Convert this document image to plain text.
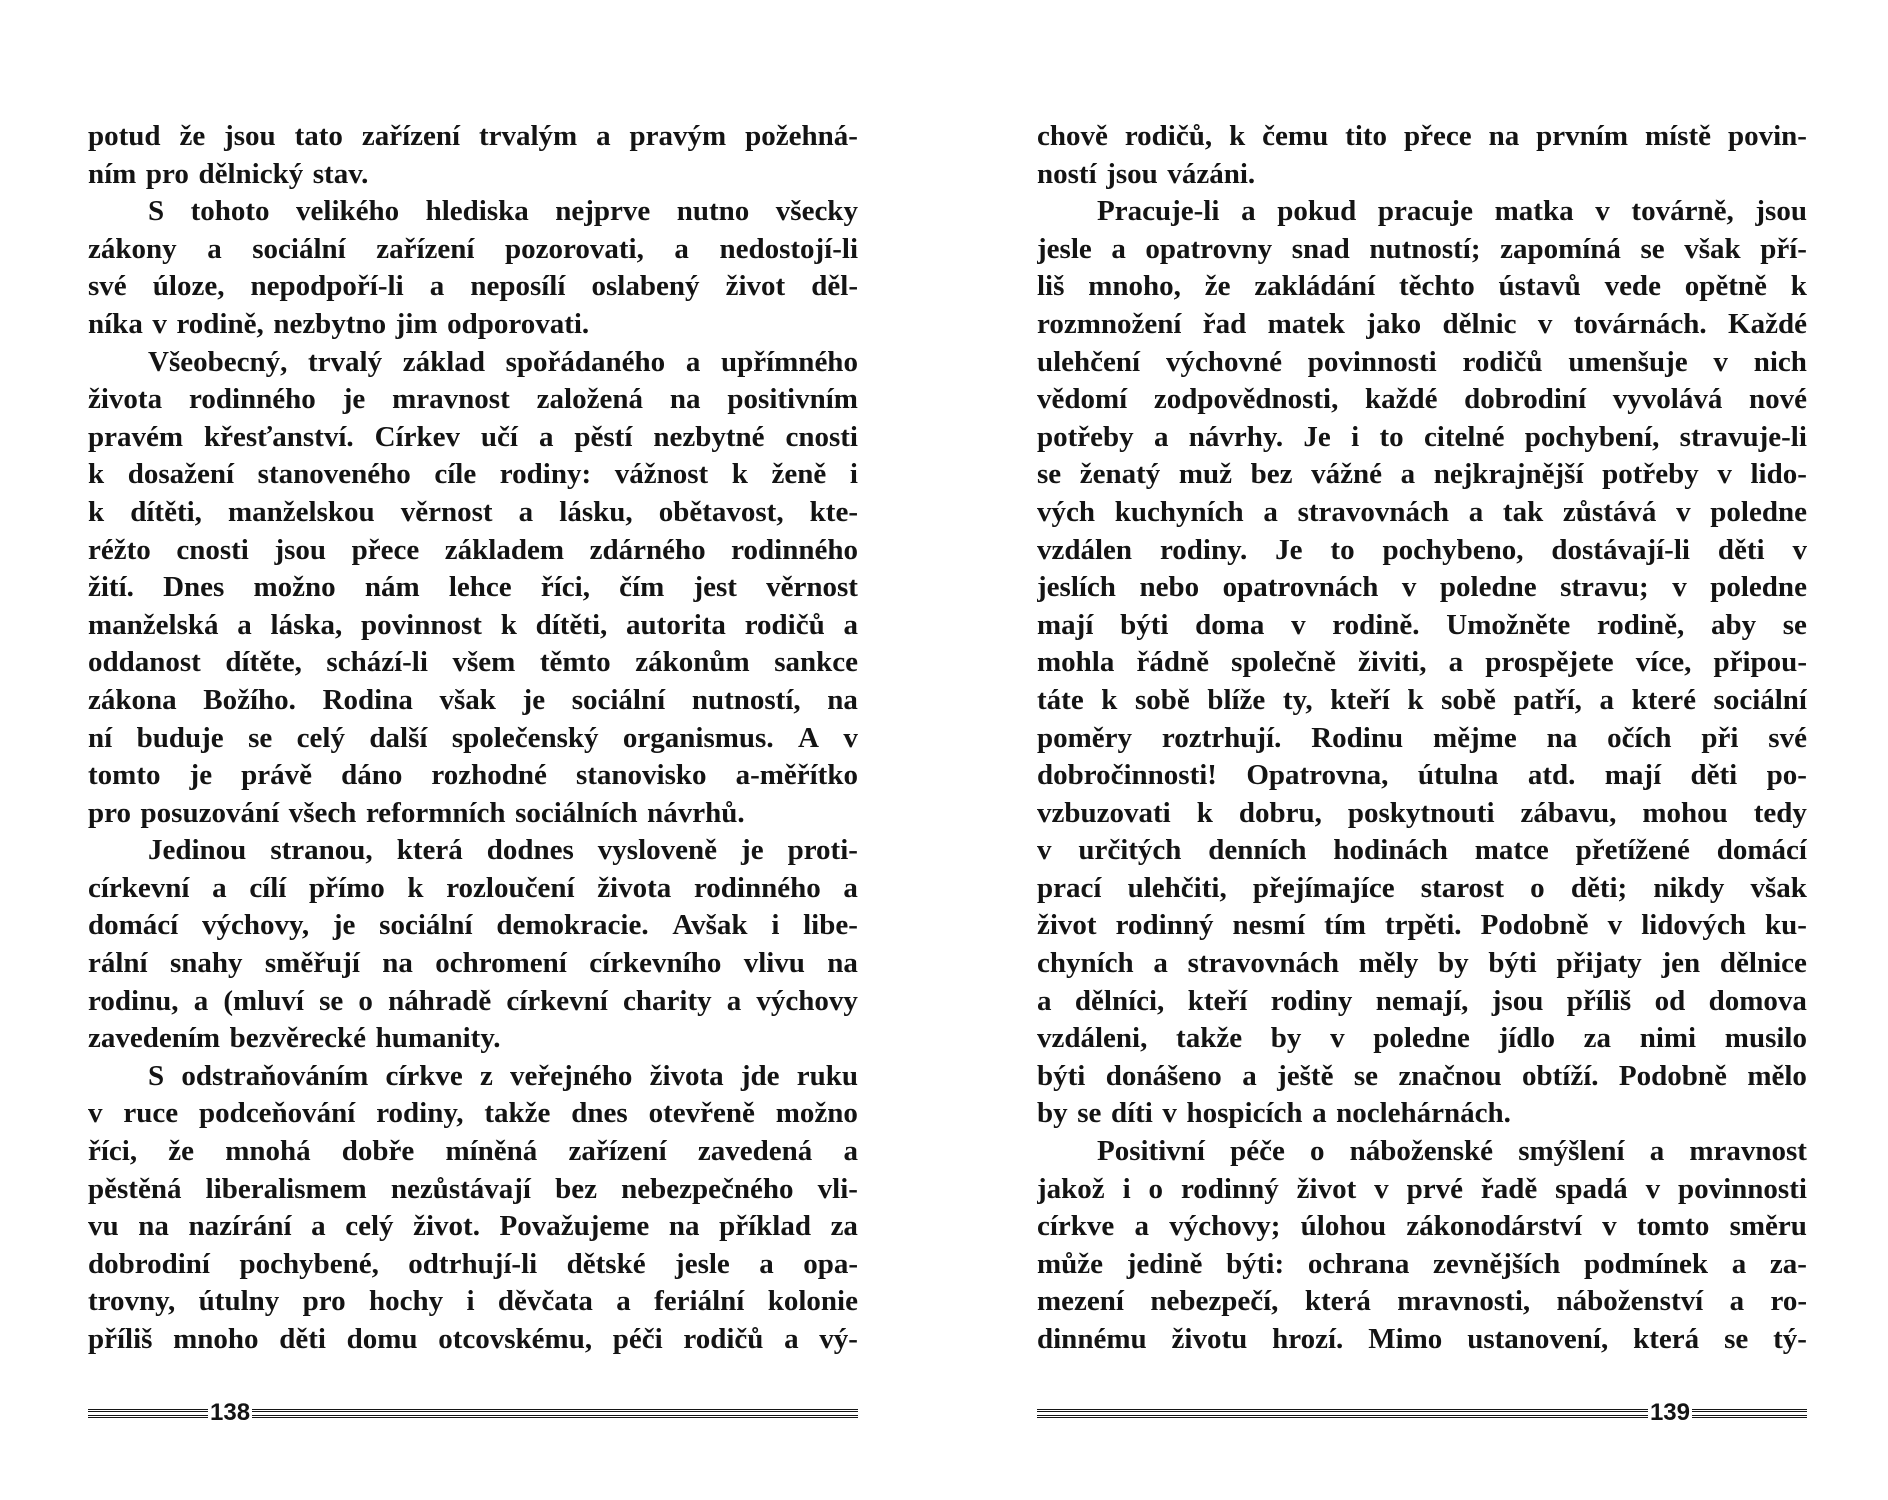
potud že jsou tato zařízení trvalým a pravým požehná-
ním pro dělnický stav.
S tohoto velikého hlediska nejprve nutno všecky
zákony a sociální zařízení pozorovati, a nedostojí-li
své úloze, nepodpoří-li a neposílí oslabený život děl-
níka v rodině, nezbytno jim odporovati.
Všeobecný, trvalý základ spořádaného a upřímného
života rodinného je mravnost založená na positivním
pravém křesťanství. Církev učí a pěstí nezbytné cnosti
k dosažení stanoveného cíle rodiny: vážnost k ženě i
k dítěti, manželskou věrnost a lásku, obětavost, kte-
réžto cnosti jsou přece základem zdárného rodinného
žití. Dnes možno nám lehce říci, čím jest věrnost
manželská a láska, povinnost k dítěti, autorita rodičů a
oddanost dítěte, schází-li všem těmto zákonům sankce
zákona Božího. Rodina však je sociální nutností, na
ní buduje se celý další společenský organismus. A v
tomto je právě dáno rozhodné stanovisko a-měřítko
pro posuzování všech reformních sociálních návrhů.
Jedinou stranou, která dodnes vysloveně je proti-
církevní a cílí přímo k rozloučení života rodinného a
domácí výchovy, je sociální demokracie. Avšak i libe-
rální snahy směřují na ochromení církevního vlivu na
rodinu, a (mluví se o náhradě církevní charity a výchovy
zavedením bezvěrecké humanity.
S odstraňováním církve z veřejného života jde ruku
v ruce podceňování rodiny, takže dnes otevřeně možno
říci, že mnohá dobře míněná zařízení zavedená a
pěstěná liberalismem nezůstávají bez nebezpečného vli-
vu na nazírání a celý život. Považujeme na příklad za
dobrodiní pochybené, odtrhují-li dětské jesle a opa-
trovny, útulny pro hochy i děvčata a feriální kolonie
příliš mnoho děti domu otcovskému, péči rodičů a vý-
138
chově rodičů, k čemu tito přece na prvním místě povin-
ností jsou vázáni.
Pracuje-li a pokud pracuje matka v továrně, jsou
jesle a opatrovny snad nutností; zapomíná se však pří-
liš mnoho, že zakládání těchto ústavů vede opětně k
rozmnožení řad matek jako dělnic v továrnách. Každé
ulehčení výchovné povinnosti rodičů umenšuje v nich
vědomí zodpovědnosti, každé dobrodiní vyvolává nové
potřeby a návrhy. Je i to citelné pochybení, stravuje-li
se ženatý muž bez vážné a nejkrajnější potřeby v lido-
vých kuchyních a stravovnách a tak zůstává v poledne
vzdálen rodiny. Je to pochybeno, dostávají-li děti v
jeslích nebo opatrovnách v poledne stravu; v poledne
mají býti doma v rodině. Umožněte rodině, aby se
mohla řádně společně živiti, a prospějete více, připou-
táte k sobě blíže ty, kteří k sobě patří, a které sociální
poměry roztrhují. Rodinu mějme na očích při své
dobročinnosti! Opatrovna, útulna atd. mají děti po-
vzbuzovati k dobru, poskytnouti zábavu, mohou tedy
v určitých denních hodinách matce přetížené domácí
prací ulehčiti, přejímajíce starost o děti; nikdy však
život rodinný nesmí tím trpěti. Podobně v lidových ku-
chyních a stravovnách měly by býti přijaty jen dělnice
a dělníci, kteří rodiny nemají, jsou příliš od domova
vzdáleni, takže by v poledne jídlo za nimi musilo
býti donášeno a ještě se značnou obtíží. Podobně mělo
by se díti v hospicích a noclehárnách.
Positivní péče o náboženské smýšlení a mravnost
jakož i o rodinný život v prvé řadě spadá v povinnosti
církve a výchovy; úlohou zákonodárství v tomto směru
může jedině býti: ochrana zevnějších podmínek a za-
mezení nebezpečí, která mravnosti, náboženství a ro-
dinnému životu hrozí. Mimo ustanovení, která se tý-
139
